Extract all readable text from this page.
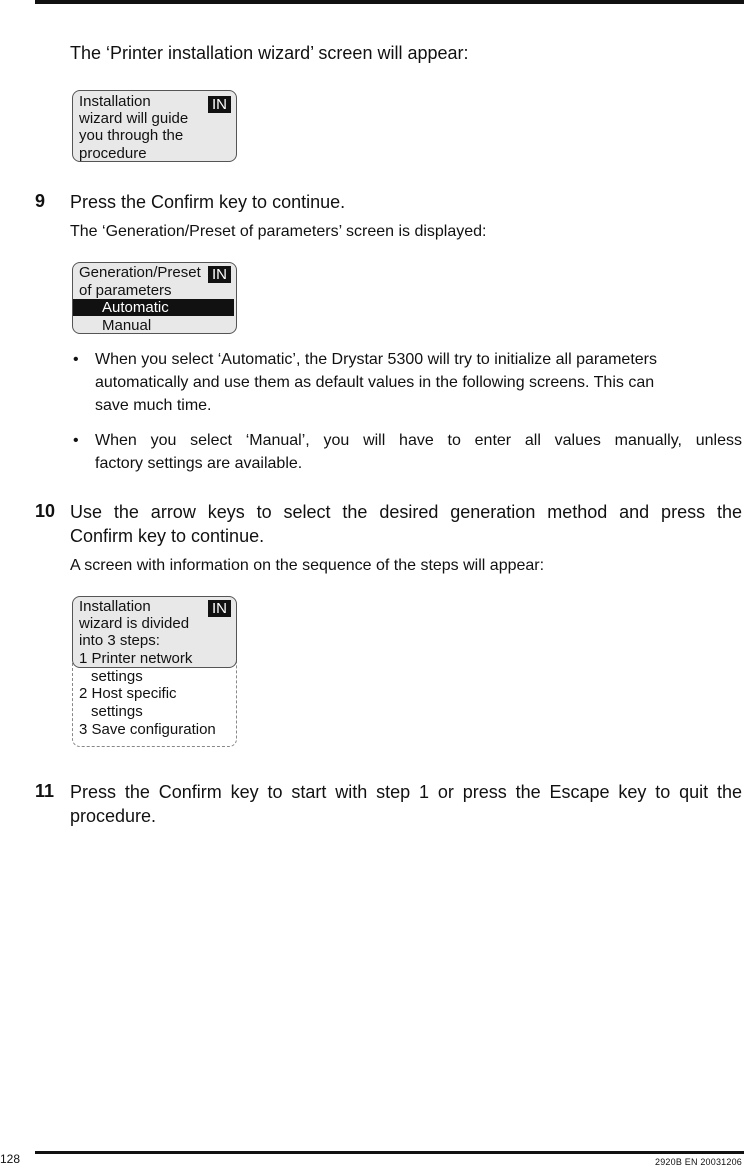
The ‘Printer installation wizard’ screen will appear:

Installation
wizard will guide
you through the
procedure
IN
9 Press the Confirm key to continue.

The ‘Generation/Preset of parameters’ screen is displayed:

Generation/Preset
of parameters
Automatic
Manual
IN
• When you select ‘Automatic’, the Drystar 5300 will try to initialize all parameters
automatically and use them as default values in the following screens. This can
save much time.

• When you select ‘Manual’, you will have to enter all values manually, unless
factory settings are available.

10 Use the arrow keys to select the desired generation method and press the
Confirm key to continue.

A screen with information on the sequence of the steps will appear:

IN
Installation
wizard is divided
into 3 steps:
1 Printer network
settings
2 Host specific
settings
3 Save configuration
11 Press the Confirm key to start with step 1 or press the Escape key to quit the
procedure.

128	2920B EN 20031206
